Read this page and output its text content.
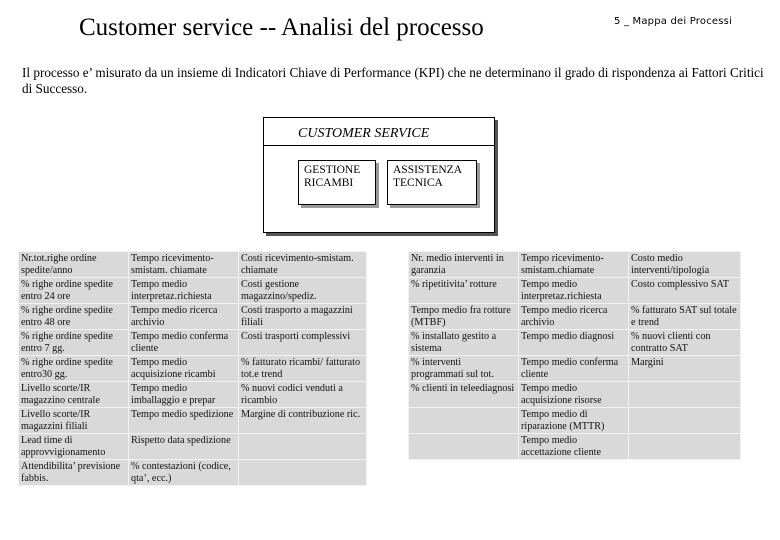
Customer service -- Analisi del processo	5 _ Mappa dei Processi
Il processo e’ misurato da un insieme di Indicatori Chiave di Performance (KPI) che ne determinano il grado di rispondenza ai Fattori Critici di Successo.
CUSTOMER SERVICE
GESTIONE RICAMBI
ASSISTENZA TECNICA
Nr.tot.righe ordine spedite/anno	Tempo ricevimento-smistam. chiamate	Costi ricevimento-smistam. chiamate
% righe ordine spedite entro 24 ore	Tempo medio interpretaz.richiesta	Costi gestione magazzino/spediz.
% righe ordine spedite entro 48 ore	Tempo medio ricerca archivio	Costi trasporto a magazzini filiali
% righe ordine spedite entro 7 gg.	Tempo medio conferma cliente	Costi trasporti complessivi
% righe ordine spedite entro30 gg.	Tempo medio acquisizione ricambi	% fatturato ricambi/ fatturato tot.e trend
Livello scorte/IR magazzino centrale	Tempo medio imballaggio e prepar	% nuovi codici venduti a ricambio
Livello scorte/IR magazzini filiali	Tempo medio spedizione	Margine di contribuzione ric.
Lead time di approvvigionamento	Rispetto data spedizione	
Attendibilita’ previsione fabbis.	% contestazioni (codice, qta’, ecc.)	
Nr. medio interventi in garanzia	Tempo ricevimento-smistam.chiamate	Costo medio interventi/tipologia
% ripetitivita’ rotture	Tempo medio interpretaz.richiesta	Costo complessivo SAT
Tempo medio fra rotture (MTBF)	Tempo medio ricerca archivio	% fatturato SAT sul totale e trend
% installato gestito a sistema	Tempo medio diagnosi	% nuovi clienti con contratto SAT
% interventi programmati sul tot.	Tempo medio conferma cliente	Margini
% clienti in teleediagnosi	Tempo medio acquisizione risorse	
	Tempo medio di riparazione (MTTR)	
	Tempo medio accettazione cliente	
